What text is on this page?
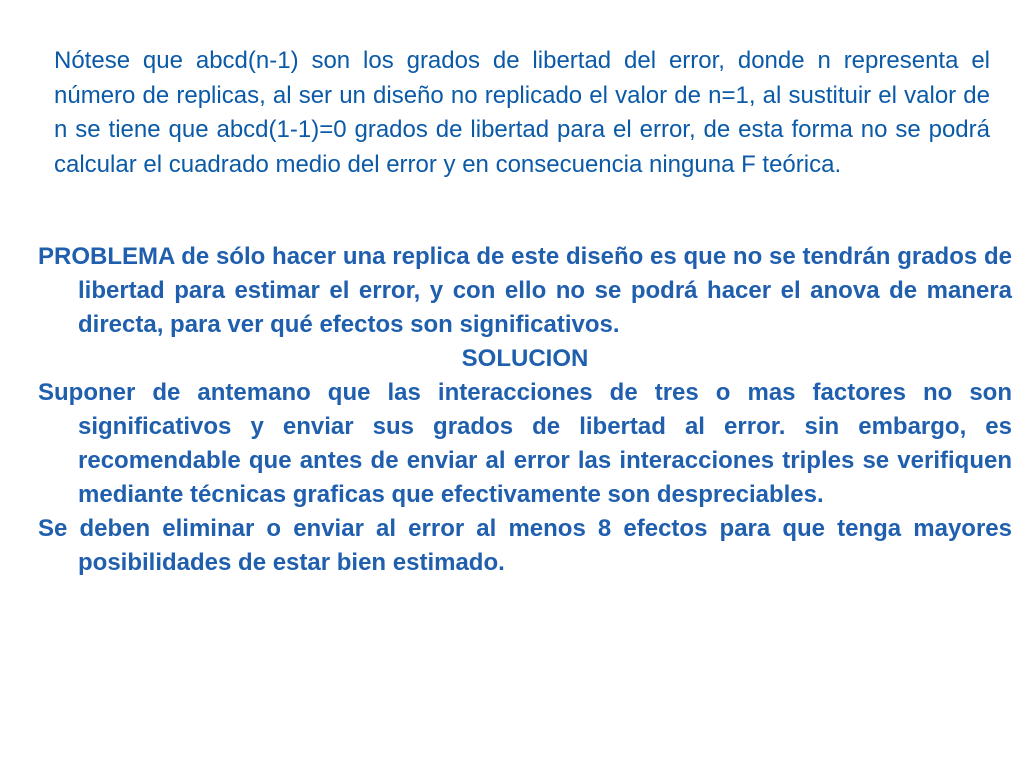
Nótese que abcd(n-1) son los grados de libertad del error, donde n representa el número de replicas, al ser un diseño no replicado el valor de n=1, al sustituir el valor de n se tiene que abcd(1-1)=0 grados de libertad para el error, de esta forma no se podrá calcular el cuadrado medio del error y en consecuencia ninguna F teórica.

PROBLEMA de sólo hacer una replica de este diseño es que no se tendrán grados de libertad para estimar el error, y con ello no se podrá hacer el anova de manera directa, para ver qué efectos son significativos.

SOLUCION

Suponer de antemano que las interacciones de tres o mas factores no son significativos y enviar sus grados de libertad al error. sin embargo, es recomendable que antes de enviar al error las interacciones triples se verifiquen mediante técnicas graficas que efectivamente son despreciables.

Se deben eliminar o enviar al error al menos 8 efectos para que tenga mayores posibilidades de estar bien estimado.
